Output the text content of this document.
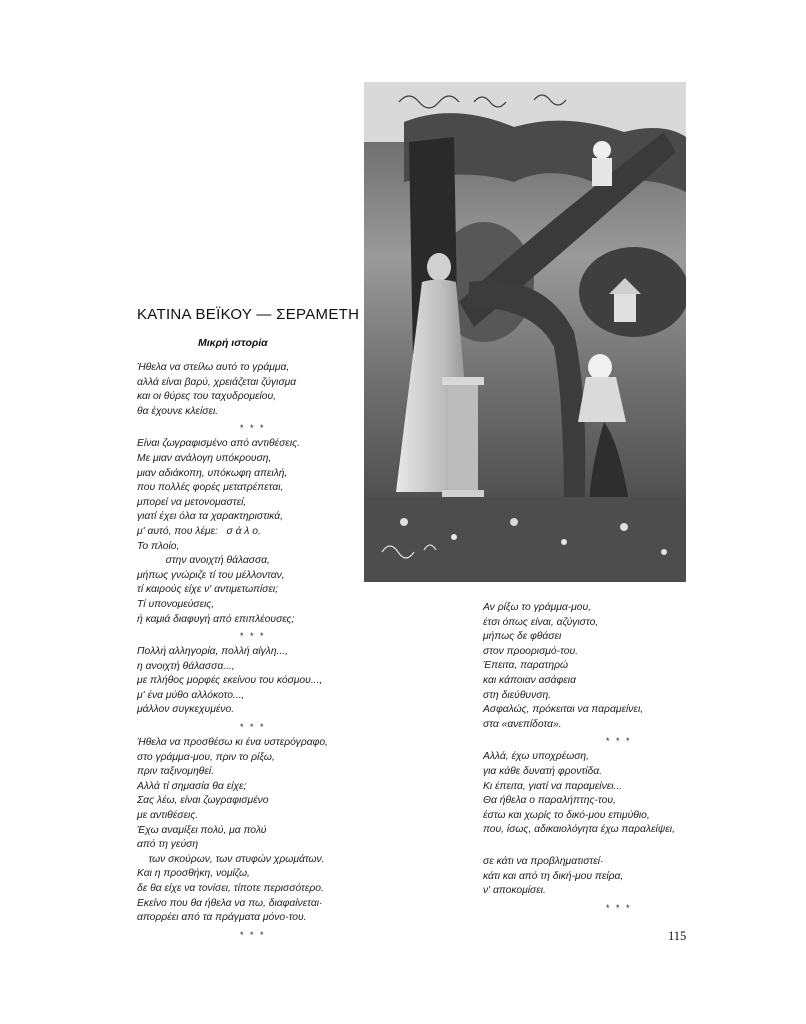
ΚΑΤΙΝΑ ΒΕΪΚΟΥ — ΣΕΡΑΜΕΤΗ
Μικρή ιστορία
Ήθελα να στείλω αυτό το γράμμα,
αλλά είναι βαρύ, χρειάζεται ζύγισμα
και οι θύρες του ταχυδρομείου,
θα έχουνε κλείσει.
* * *
Είναι ζωγραφισμένο από αντιθέσεις.
Με μιαν ανάλογη υπόκρουση,
μιαν αδιάκοπη, υπόκωφη απειλή,
που πολλές φορές μετατρέπεται,
μπορεί να μετονομαστεί,
γιατί έχει όλα τα χαρακτηριστικά,
μ' αυτό, που λέμε:   σ ά λ ο.
Το πλοίο,
στην ανοιχτή θάλασσα,
μήπως γνώριζε τί του μέλλονταν,
τί καιρούς είχε ν' αντιμετωπίσει;
Τί υπονομεύσεις,
ή καμιά διαφυγή από επιπλέουσες;
* * *
Πολλή αλληγορία, πολλή αίγλη...,
η ανοιχτή θάλασσα...,
με πλήθος μορφές εκείνου του κόσμου...,
μ' ένα μύθο αλλόκοτο...,
μάλλον συγκεχυμένο.
* * *
Ήθελα να προσθέσω κι ένα υστερόγραφο,
στο γράμμα-μου, πριν το ρίξω,
πριν ταξινομηθεί.
Αλλά τί σημασία θα είχε;
Σας λέω, είναι ζωγραφισμένο
με αντιθέσεις.
Έχω αναμίξει πολύ, μα πολύ
από τη γεύση
των σκούρων, των στυφών χρωμάτων.
Και η προσθήκη, νομίζω,
δε θα είχε να τονίσει, τίποτε περισσότερο.
Εκείνο που θα ήθελα να πω, διαφαίνεται·
απορρέει από τα πράγματα μόνο-του.
* * *
Αν ρίξω το γράμμα-μου,
έτσι όπως είναι, αζύγιστο,
μήπως δε φθάσει
στον προορισμό-του.
Έπειτα, παρατηρώ
και κάποιαν ασάφεια
στη διεύθυνση.
Ασφαλώς, πρόκειται να παραμείνει,
στα «ανεπίδοτα».
* * *
Αλλά, έχω υποχρέωση,
για κάθε δυνατή φροντίδα.
Κι έπειτα, γιατί να παραμείνει...
Θα ήθελα ο παραλήπτης-του,
έστω και χωρίς το δικό-μου επιμύθιο,
που, ίσως, αδικαιολόγητα έχω παραλείψει,
σε κάτι να προβληματιστεί·
κάτι και από τη δική-μου πείρα,
ν' αποκομίσει.
* * *
115
